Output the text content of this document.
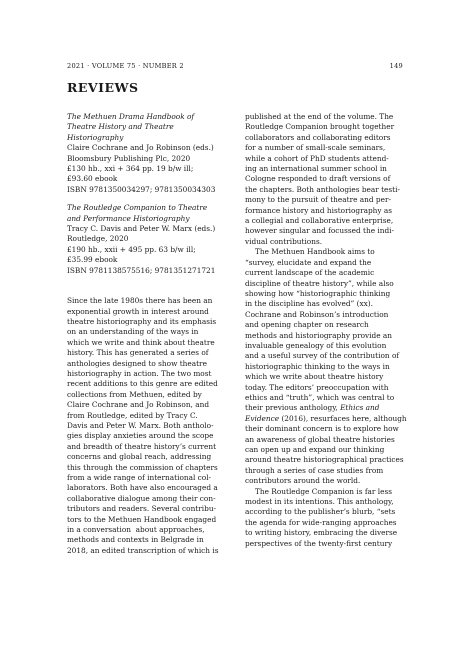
2021 · VOLUME 75 · NUMBER 2	149
REVIEWS
The Methuen Drama Handbook of
Theatre History and Theatre
Historiography
Claire Cochrane and Jo Robinson (eds.)
Bloomsbury Publishing Plc, 2020
£130 hb., xxi + 364 pp. 19 b/w ill;
£93.60 ebook
ISBN 9781350034297; 9781350034303
The Routledge Companion to Theatre
and Performance Historiography
Tracy C. Davis and Peter W. Marx (eds.)
Routledge, 2020
£190 hb., xxii + 495 pp. 63 b/w ill;
£35.99 ebook
ISBN 9781138575516; 9781351271721
Since the late 1980s there has been an
exponential growth in interest around
theatre historiography and its emphasis
on an understanding of the ways in
which we write and think about theatre
history. This has generated a series of
anthologies designed to show theatre
historiography in action. The two most
recent additions to this genre are edited
collections from Methuen, edited by
Claire Cochrane and Jo Robinson, and
from Routledge, edited by Tracy C.
Davis and Peter W. Marx. Both antholo-
gies display anxieties around the scope
and breadth of theatre history’s current
concerns and global reach, addressing
this through the commission of chapters
from a wide range of international col-
laborators. Both have also encouraged a
collaborative dialogue among their con-
tributors and readers. Several contribu-
tors to the Methuen Handbook engaged
in a conversation  about approaches,
methods and contexts in Belgrade in
2018, an edited transcription of which is
published at the end of the volume. The
Routledge Companion brought together
collaborators and collaborating editors
for a number of small-scale seminars,
while a cohort of PhD students attend-
ing an international summer school in
Cologne responded to draft versions of
the chapters. Both anthologies bear testi-
mony to the pursuit of theatre and per-
formance history and historiography as
a collegial and collaborative enterprise,
however singular and focussed the indi-
vidual contributions.
The Methuen Handbook aims to
“survey, elucidate and expand the
current landscape of the academic
discipline of theatre history”, while also
showing how “historiographic thinking
in the discipline has evolved” (xx).
Cochrane and Robinson’s introduction
and opening chapter on research
methods and historiography provide an
invaluable genealogy of this evolution
and a useful survey of the contribution of
historiographic thinking to the ways in
which we write about theatre history
today. The editors’ preoccupation with
ethics and “truth”, which was central to
their previous anthology, Ethics and
Evidence (2016), resurfaces here, although
their dominant concern is to explore how
an awareness of global theatre histories
can open up and expand our thinking
around theatre historiographical practices
through a series of case studies from
contributors around the world.
The Routledge Companion is far less
modest in its intentions. This anthology,
according to the publisher’s blurb, “sets
the agenda for wide-ranging approaches
to writing history, embracing the diverse
perspectives of the twenty-first century
